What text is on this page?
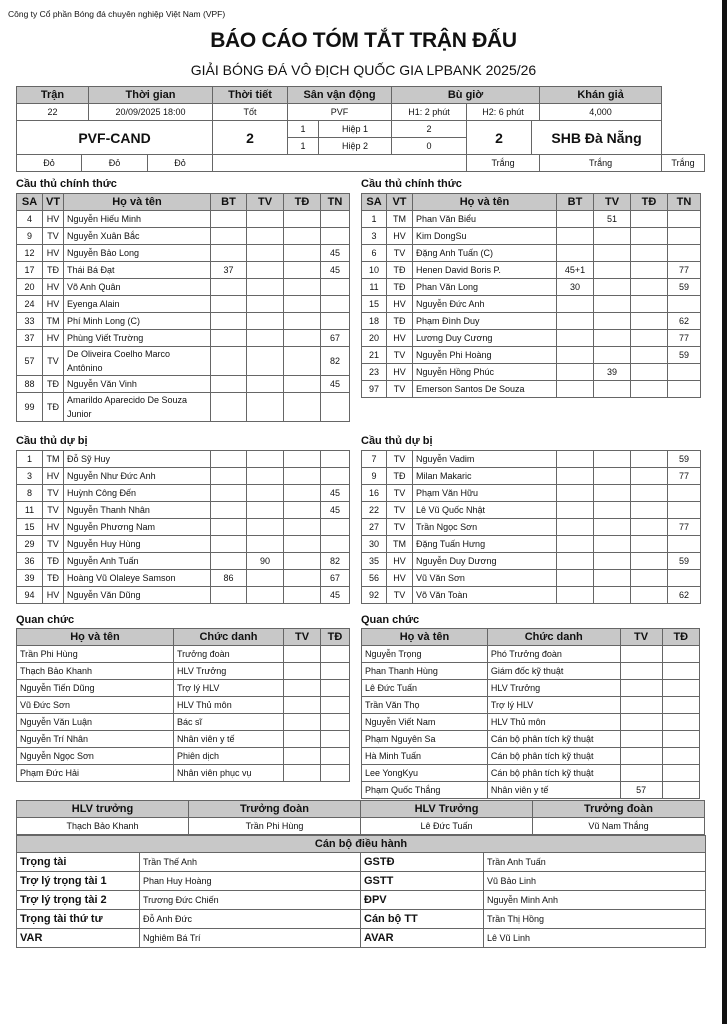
Công ty Cổ phần Bóng đá chuyên nghiệp Việt Nam (VPF)
BÁO CÁO TÓM TẮT TRẬN ĐẤU
GIẢI BÓNG ĐÁ VÔ ĐỊCH QUỐC GIA LPBANK 2025/26
Trận		Thời gian		Thời tiết	Sân vận động		Bù giờ			Khán giả	
22		20/09/2025 18:00		Tốt	PVF		H1: 2 phút	H2: 6 phút		4,000	
PVF-CAND				2	1	Hiệp 1	2	2	SHB Đà Nẵng		
					1	Hiệp 2	0				
Đỏ	Đỏ		Đỏ					Trắng		Trắng	Trắng
Cầu thủ chính thức	Cầu thủ chính thức
SA	VT	Họ và tên	BT	TV	TĐ	TN
4	HV	Nguyễn Hiếu Minh				
9	TV	Nguyễn Xuân Bắc				
12	HV	Nguyễn Bảo Long				45
17	TĐ	Thái Bá Đạt	37			45
20	HV	Võ Anh Quân				
24	HV	Eyenga Alain				
33	TM	Phí Minh Long (C)				
37	HV	Phùng Viết Trường				67
57	TV	De Oliveira Coelho Marco Antônino				82
88	TĐ	Nguyễn Văn Vinh				45
99	TĐ	Amarildo Aparecido De Souza Junior				
SA	VT	Họ và tên	BT	TV	TĐ	TN
1	TM	Phan Văn Biểu		51		
3	HV	Kim DongSu				
6	TV	Đặng Anh Tuấn (C)				
10	TĐ	Henen David Boris P.	45+1			77
11	TĐ	Phan Văn Long	30			59
15	HV	Nguyễn Đức Anh				
18	TĐ	Phạm Đình Duy				62
20	HV	Lương Duy Cương				77
21	TV	Nguyễn Phi Hoàng				59
23	HV	Nguyễn Hồng Phúc		39		
97	TV	Emerson Santos De Souza				
Cầu thủ dự bị	Cầu thủ dự bị
1	TM	Đỗ Sỹ Huy				
3	HV	Nguyễn Như Đức Anh				
8	TV	Huỳnh Công Đến				45
11	TV	Nguyễn Thanh Nhân				45
15	HV	Nguyễn Phương Nam				
29	TV	Nguyễn Huy Hùng				
36	TĐ	Nguyễn Anh Tuấn		90		82
39	TĐ	Hoàng Vũ Olaleye Samson	86			67
94	HV	Nguyễn Văn Dũng				45
7	TV	Nguyễn Vadim				59
9	TĐ	Milan Makaric				77
16	TV	Phạm Văn Hữu				
22	TV	Lê Vũ Quốc Nhật				
27	TV	Trần Ngọc Sơn				77
30	TM	Đặng Tuấn Hưng				
35	HV	Nguyễn Duy Dương				59
56	HV	Vũ Văn Sơn				
92	TV	Võ Văn Toàn				62
Quan chức	Quan chức
Họ và tên	Chức danh	TV	TĐ
Trần Phi Hùng	Trưởng đoàn		
Thạch Bảo Khanh	HLV Trưởng		
Nguyễn Tiến Dũng	Trợ lý HLV		
Vũ Đức Sơn	HLV Thủ môn		
Nguyễn Văn Luận	Bác sĩ		
Nguyễn Trí Nhân	Nhân viên y tế		
Nguyễn Ngọc Sơn	Phiên dịch		
Phạm Đức Hải	Nhân viên phục vụ		
Họ và tên	Chức danh	TV	TĐ
Nguyễn Trọng	Phó Trưởng đoàn		
Phan Thanh Hùng	Giám đốc kỹ thuật		
Lê Đức Tuấn	HLV Trưởng		
Trần Văn Thọ	Trợ lý HLV		
Nguyễn Viết Nam	HLV Thủ môn		
Phạm Nguyên Sa	Cán bộ phân tích kỹ thuật		
Hà Minh Tuấn	Cán bộ phân tích kỹ thuật		
Lee YongKyu	Cán bộ phân tích kỹ thuật		
Phạm Quốc Thắng	Nhân viên y tế	57	
HLV trưởng	Trưởng đoàn	HLV Trưởng	Trưởng đoàn
Thạch Bảo Khanh	Trần Phi Hùng	Lê Đức Tuấn	Vũ Nam Thắng
Cán bộ điều hành			
Trọng tài	Trần Thế Anh	GSTĐ	Trần Anh Tuấn
Trợ lý trọng tài 1	Phan Huy Hoàng	GSTT	Vũ Bảo Linh
Trợ lý trọng tài 2	Trương Đức Chiến	ĐPV	Nguyễn Minh Anh
Trọng tài thứ tư	Đỗ Anh Đức	Cán bộ TT	Trần Thị Hồng
VAR	Nghiêm Bá Trí	AVAR	Lê Vũ Linh
